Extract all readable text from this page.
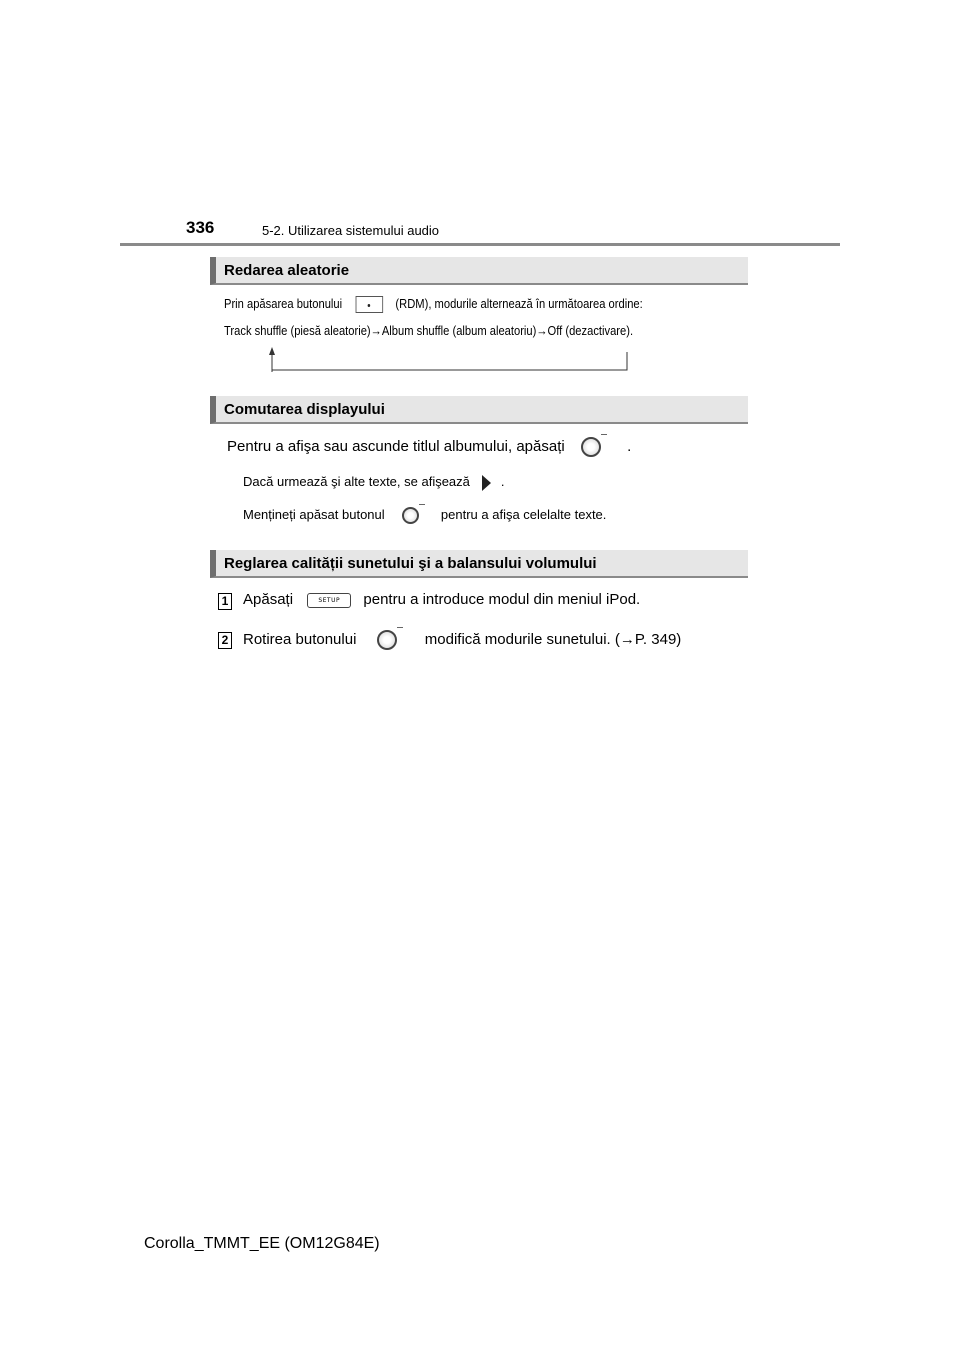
336	5-2. Utilizarea sistemului audio
Redarea aleatorie
Prin apăsarea butonului	(RDM), modurile alternează în următoarea ordine:
Track shuffle (piesă aleatorie)→Album shuffle (album aleatoriu)→Off (dezactivare).
Comutarea displayului
Pentru a afişa sau ascunde titlul albumului, apăsați	.
Dacă urmează şi alte texte, se afişează .
Mențineți apăsat butonul	pentru a afişa celelalte texte.
Reglarea calității sunetului şi a balansului volumului
1 Apăsați	SETUP pentru a introduce modul din meniul iPod.
2 Rotirea butonului	modifică modurile sunetului. (→P. 349)
Corolla_TMMT_EE (OM12G84E)
